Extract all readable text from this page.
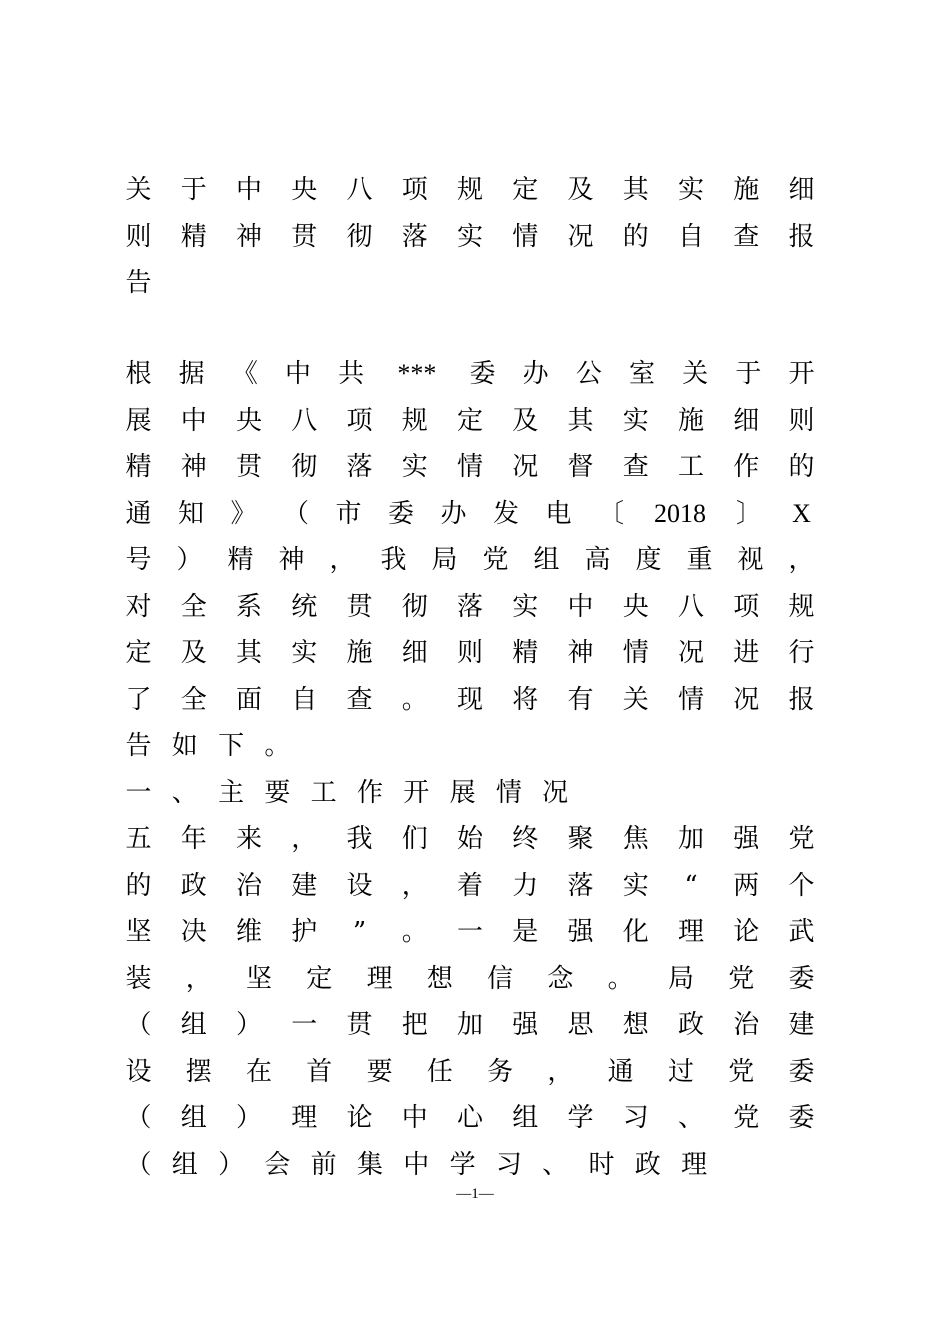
—1—
关 于 中 央 八 项 规 定 及 其 实 施 细
则 精 神 贯 彻 落 实 情 况 的 自 查 报
告
根 据 《 中 共 *** 委 办 公 室 关 于 开
展 中 央 八 项 规 定 及 其 实 施 细 则
精 神 贯 彻 落 实 情 况 督 查 工 作 的
通 知 》 （ 市 委 办 发 电 〔 2018 〕 X
号 ） 精 神 ， 我 局 党 组 高 度 重 视 ，
对 全 系 统 贯 彻 落 实 中 央 八 项 规
定 及 其 实 施 细 则 精 神 情 况 进 行
了 全 面 自 查 。 现 将 有 关 情 况 报
告 如 下 。
一 、 主 要 工 作 开 展 情 况
五 年 来 ， 我 们 始 终 聚 焦 加 强 党
的 政 治 建 设 ， 着 力 落 实 “ 两 个
坚 决 维 护 ” 。 一 是 强 化 理 论 武
装 ， 坚 定 理 想 信 念 。 局 党 委
（ 组 ） 一 贯 把 加 强 思 想 政 治 建
设 摆 在 首 要 任 务 ， 通 过 党 委
（ 组 ） 理 论 中 心 组 学 习 、 党 委
（ 组 ） 会 前 集 中 学 习 、 时 政 理
